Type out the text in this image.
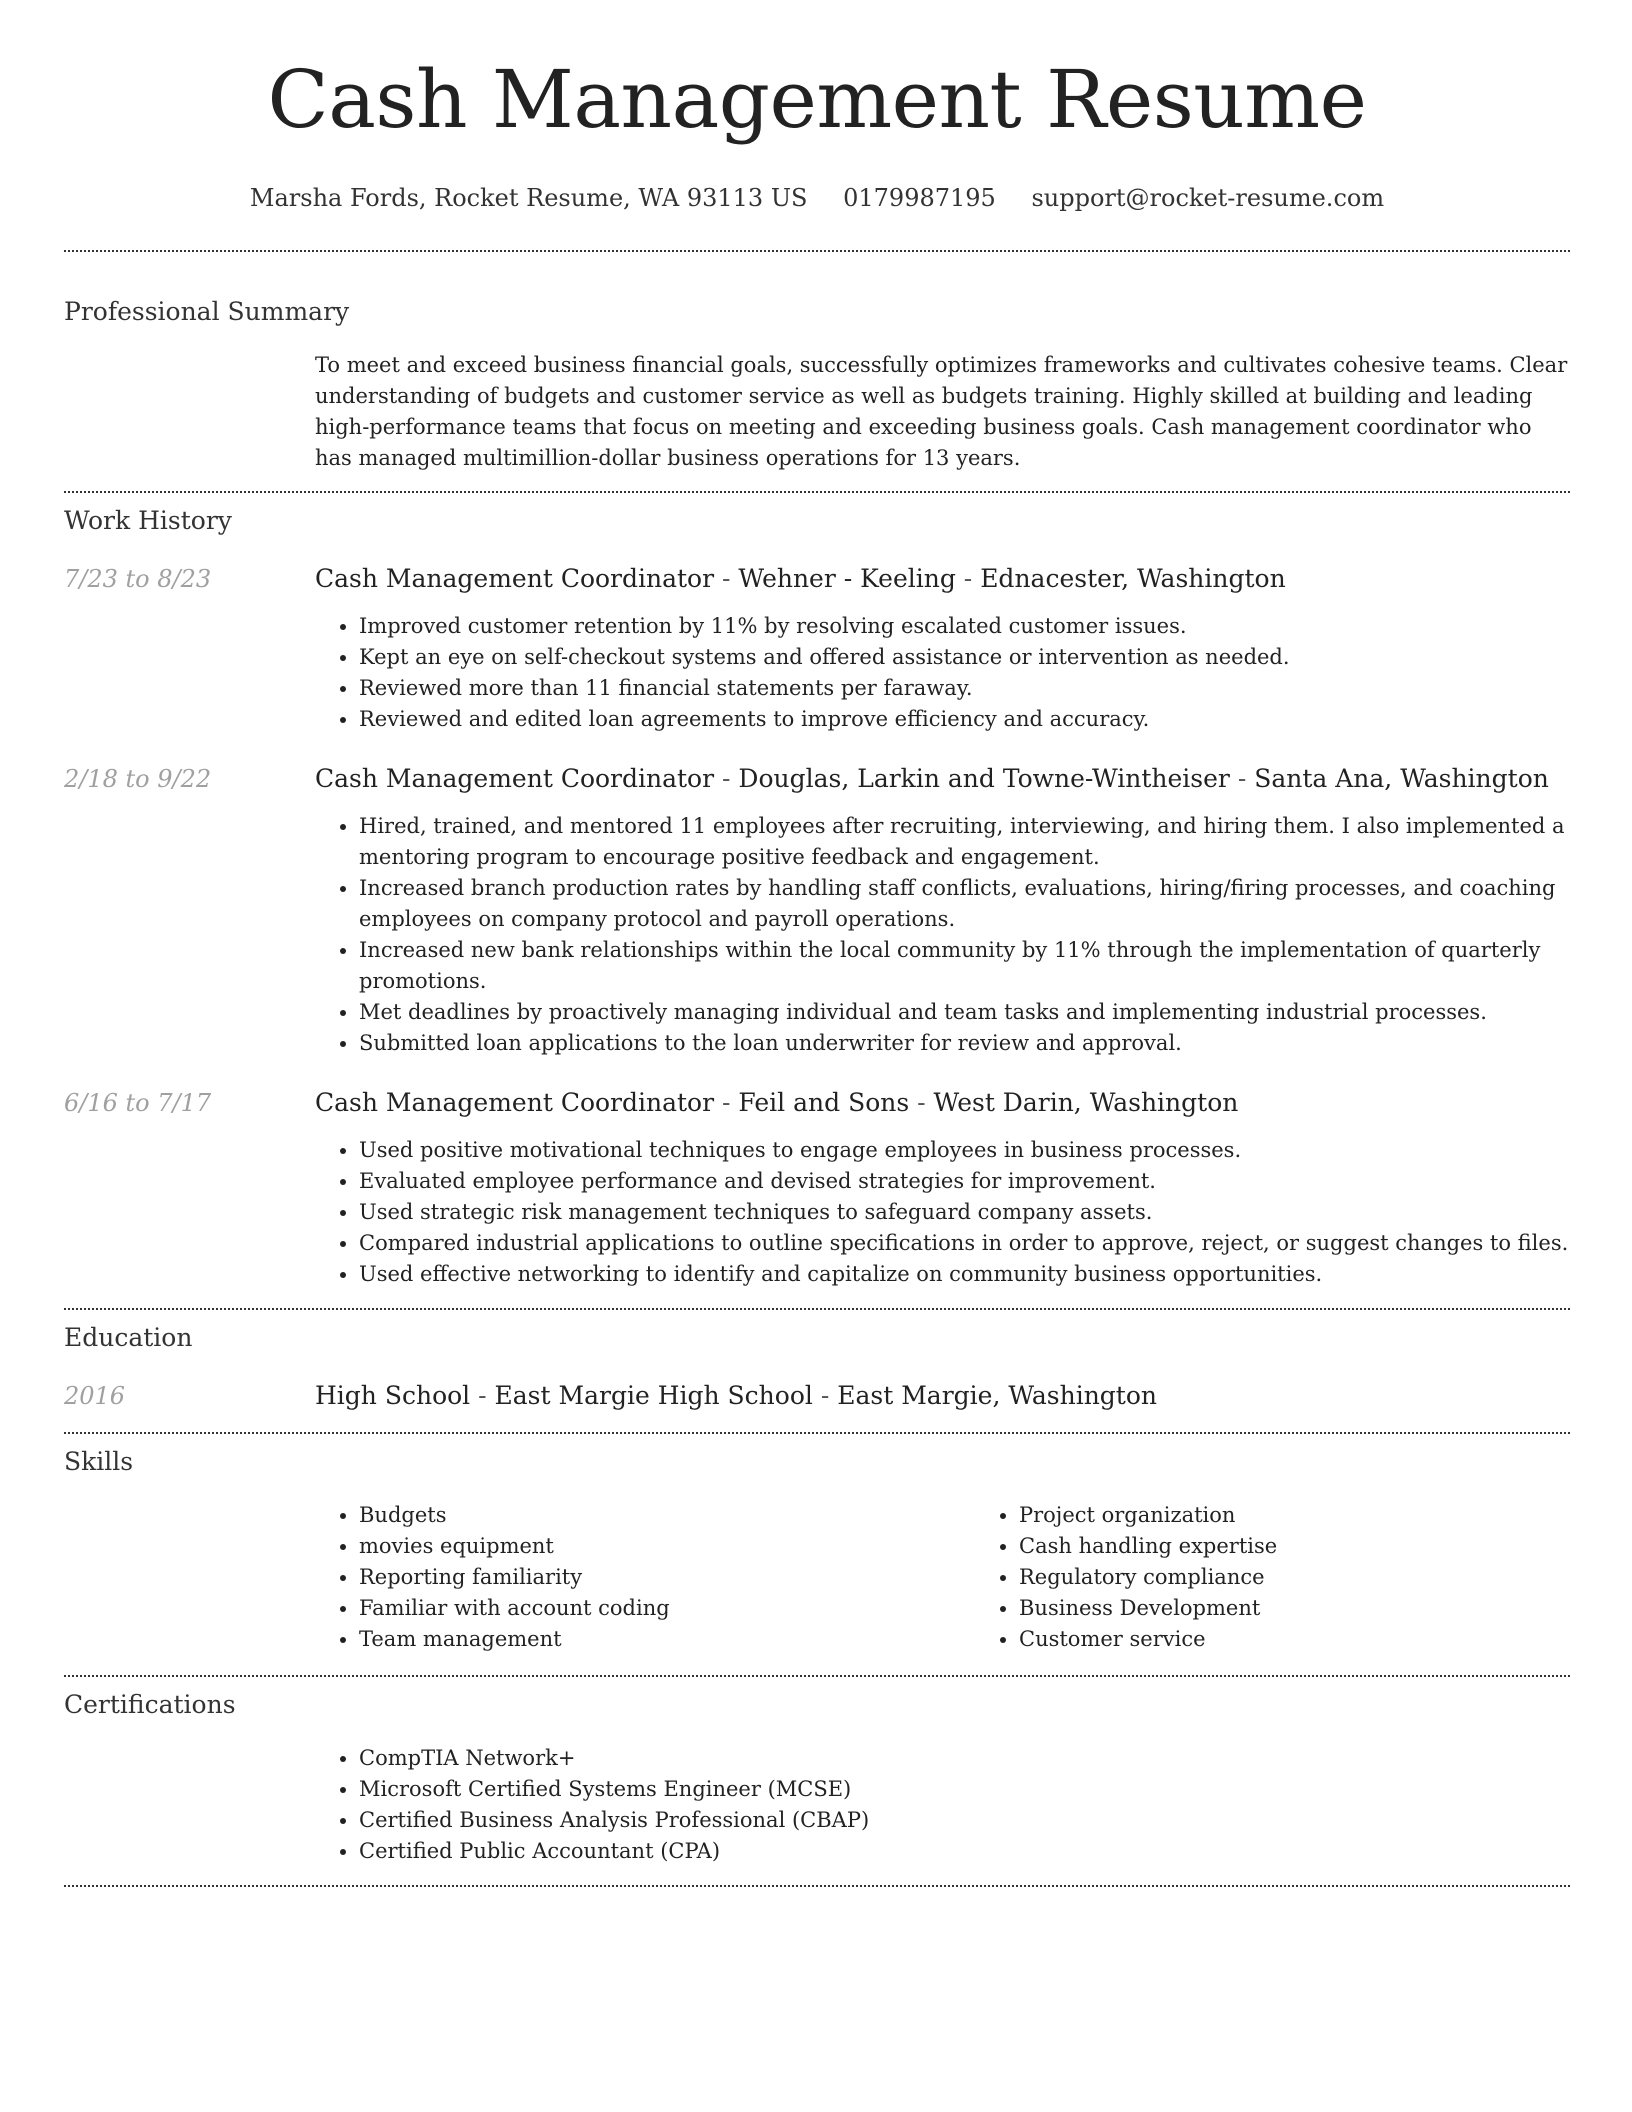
Cash Management Resume
Marsha Fords, Rocket Resume, WA 93113 US 0179987195 support@rocket-resume.com
Professional Summary
To meet and exceed business financial goals, successfully optimizes frameworks and cultivates cohesive teams. Clear understanding of budgets and customer service as well as budgets training. Highly skilled at building and leading high-performance teams that focus on meeting and exceeding business goals. Cash management coordinator who has managed multimillion-dollar business operations for 13 years.
Work History
7/23 to 8/23	Cash Management Coordinator - Wehner - Keeling - Ednacester, Washington
• Improved customer retention by 11% by resolving escalated customer issues.
• Kept an eye on self-checkout systems and offered assistance or intervention as needed.
• Reviewed more than 11 financial statements per faraway.
• Reviewed and edited loan agreements to improve efficiency and accuracy.
2/18 to 9/22	Cash Management Coordinator - Douglas, Larkin and Towne-Wintheiser - Santa Ana, Washington
• Hired, trained, and mentored 11 employees after recruiting, interviewing, and hiring them. I also implemented a mentoring program to encourage positive feedback and engagement.
• Increased branch production rates by handling staff conflicts, evaluations, hiring/firing processes, and coaching employees on company protocol and payroll operations.
• Increased new bank relationships within the local community by 11% through the implementation of quarterly promotions.
• Met deadlines by proactively managing individual and team tasks and implementing industrial processes.
• Submitted loan applications to the loan underwriter for review and approval.
6/16 to 7/17	Cash Management Coordinator - Feil and Sons - West Darin, Washington
• Used positive motivational techniques to engage employees in business processes.
• Evaluated employee performance and devised strategies for improvement.
• Used strategic risk management techniques to safeguard company assets.
• Compared industrial applications to outline specifications in order to approve, reject, or suggest changes to files.
• Used effective networking to identify and capitalize on community business opportunities.
Education
2016	High School - East Margie High School - East Margie, Washington
Skills
• Budgets
• movies equipment
• Reporting familiarity
• Familiar with account coding
• Team management
• Project organization
• Cash handling expertise
• Regulatory compliance
• Business Development
• Customer service
Certifications
• CompTIA Network+
• Microsoft Certified Systems Engineer (MCSE)
• Certified Business Analysis Professional (CBAP)
• Certified Public Accountant (CPA)
